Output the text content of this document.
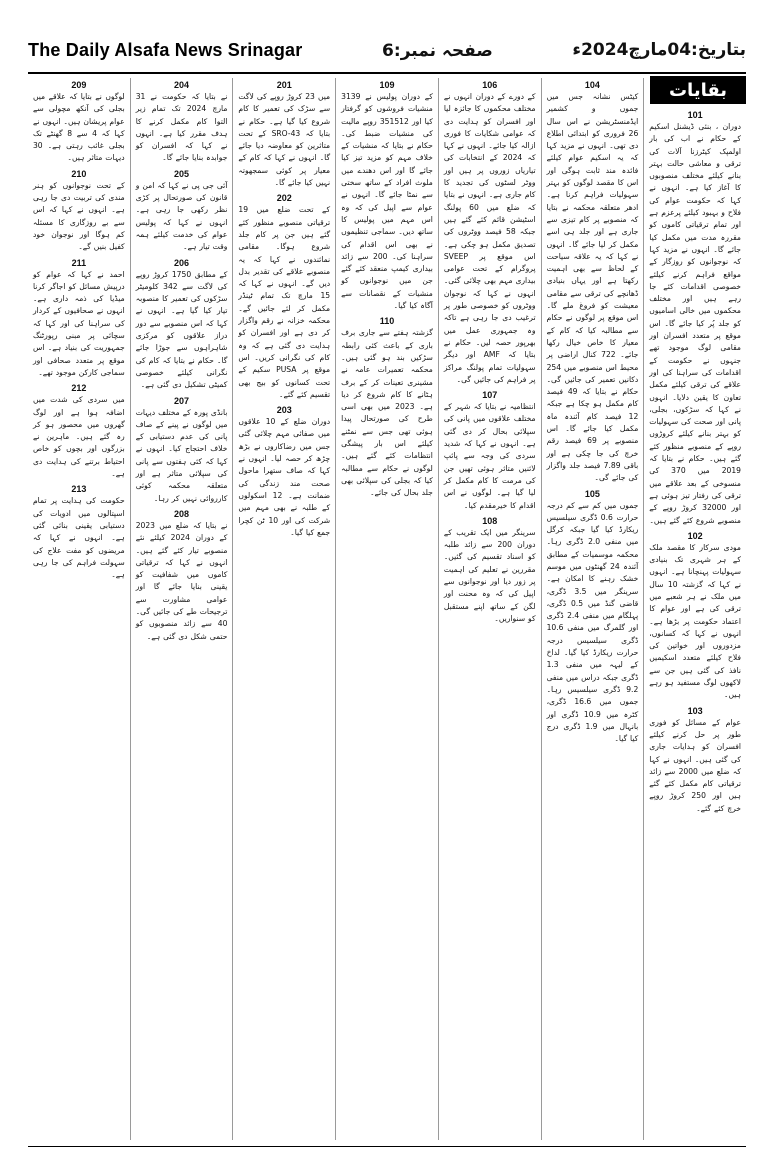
The Daily Alsafa News Srinagar	صفحہ نمبر:6	بتاریخ:04مارچ2024ء
101

دوران ، بنئی ڈیشنل اسکیم کے حکام نے اب کی بار اولمپک کیٹرزنا آلات کی ترقی و معاشی حالت بہتر بنانے کیلئے مختلف منصوبوں کا آغاز کیا ہے۔ انہوں نے کہا کہ حکومت عوام کی فلاح و بہبود کیلئے پرعزم ہے اور تمام ترقیاتی کاموں کو مقررہ مدت میں مکمل کیا جائے گا۔ انہوں نے مزید کہا کہ نوجوانوں کو روزگار کے مواقع فراہم کرنے کیلئے خصوصی اقدامات کئے جا رہے ہیں اور مختلف محکموں میں خالی اسامیوں کو جلد پُر کیا جائے گا۔ اس موقع پر متعدد افسران اور مقامی لوگ موجود تھے جنہوں نے حکومت کے اقدامات کی سراہنا کی اور علاقے کی ترقی کیلئے مکمل تعاون کا یقین دلایا۔ انہوں نے کہا کہ سڑکوں، بجلی، پانی اور صحت کی سہولیات کو بہتر بنانے کیلئے کروڑوں روپے کے منصوبے منظور کئے گئے ہیں۔ حکام نے بتایا کہ 2019 میں 370 کی منسوخی کے بعد علاقے میں ترقی کی رفتار تیز ہوئی ہے اور 32000 کروڑ روپے کے منصوبے شروع کئے گئے ہیں۔

102

مودی سرکار کا مقصد ملک کے ہر شہری تک بنیادی سہولیات پہنچانا ہے۔ انہوں نے کہا کہ گزشتہ 10 سال میں ملک نے ہر شعبے میں ترقی کی ہے اور عوام کا اعتماد حکومت پر بڑھا ہے۔ انہوں نے کہا کہ کسانوں، مزدوروں اور خواتین کی فلاح کیلئے متعدد اسکیمیں نافذ کی گئی ہیں جن سے لاکھوں لوگ مستفید ہو رہے ہیں۔

103

عوام کے مسائل کو فوری طور پر حل کرنے کیلئے افسران کو ہدایات جاری کی گئی ہیں۔ انہوں نے کہا کہ ضلع میں 2000 سے زائد ترقیاتی کام مکمل کئے گئے ہیں اور 250 کروڑ روپے خرچ کئے گئے۔

104

کیٹس نشانہ جس میں جموں و کشمیر ایڈمنسٹریشن نے اس سال 26 فروری کو ابتدائی اطلاع دی تھی۔ انہوں نے مزید کہا کہ یہ اسکیم عوام کیلئے فائدہ مند ثابت ہوگی اور اس کا مقصد لوگوں کو بہتر سہولیات فراہم کرنا ہے۔ ادھر متعلقہ محکمہ نے بتایا کہ منصوبے پر کام تیزی سے جاری ہے اور جلد ہی اسے مکمل کر لیا جائے گا۔ انہوں نے کہا کہ یہ علاقہ سیاحت کے لحاظ سے بھی اہمیت رکھتا ہے اور یہاں بنیادی ڈھانچے کی ترقی سے مقامی معیشت کو فروغ ملے گا۔ اس موقع پر لوگوں نے حکام سے مطالبہ کیا کہ کام کے معیار کا خاص خیال رکھا جائے۔ 722 کنال اراضی پر محیط اس منصوبے میں 254 دکانیں تعمیر کی جائیں گی۔ حکام نے بتایا کہ 49 فیصد کام مکمل ہو چکا ہے جبکہ 12 فیصد کام آئندہ ماہ مکمل کیا جائے گا۔ اس منصوبے پر 69 فیصد رقم خرچ کی جا چکی ہے اور باقی 7.89 فیصد جلد واگزار کی جائے گی۔

105

جموں میں کم سے کم درجہ حرارت 0.6 ڈگری سیلسیس ریکارڈ کیا گیا جبکہ کرگل میں منفی 2.0 ڈگری رہا۔ محکمہ موسمیات کے مطابق آئندہ 24 گھنٹوں میں موسم خشک رہنے کا امکان ہے۔ سرینگر میں 3.5 ڈگری، قاضی گنڈ میں 0.5 ڈگری، پہلگام میں منفی 2.4 ڈگری اور گلمرگ میں منفی 10.6 ڈگری سیلسیس درجہ حرارت ریکارڈ کیا گیا۔ لداخ کے لیہہ میں منفی 1.3 ڈگری جبکہ دراس میں منفی 9.2 ڈگری سیلسیس رہا۔ جموں میں 16.6 ڈگری، کٹرہ میں 10.9 ڈگری اور بانہال میں 1.9 ڈگری درج کیا گیا۔

106

کے دورے کے دوران انہوں نے مختلف محکموں کا جائزہ لیا اور افسران کو ہدایت دی کہ عوامی شکایات کا فوری ازالہ کیا جائے۔ انہوں نے کہا کہ 2024 کے انتخابات کی تیاریاں زوروں پر ہیں اور ووٹر لسٹوں کی تجدید کا کام جاری ہے۔ انہوں نے بتایا کہ ضلع میں 60 پولنگ اسٹیشن قائم کئے گئے ہیں جبکہ 58 فیصد ووٹروں کی تصدیق مکمل ہو چکی ہے۔ اس موقع پر SVEEP پروگرام کے تحت عوامی بیداری مہم بھی چلائی گئی۔ انہوں نے کہا کہ نوجوان ووٹروں کو خصوصی طور پر ترغیب دی جا رہی ہے تاکہ وہ جمہوری عمل میں بھرپور حصہ لیں۔ حکام نے بتایا کہ AMF اور دیگر سہولیات تمام پولنگ مراکز پر فراہم کی جائیں گی۔

107

انتظامیہ نے بتایا کہ شہر کے مختلف علاقوں میں پانی کی سپلائی بحال کر دی گئی ہے۔ انہوں نے کہا کہ شدید سردی کی وجہ سے پائپ لائنیں متاثر ہوئی تھیں جن کی مرمت کا کام مکمل کر لیا گیا ہے۔ لوگوں نے اس اقدام کا خیرمقدم کیا۔

108

سرینگر میں ایک تقریب کے دوران 200 سے زائد طلبہ کو اسناد تقسیم کی گئیں۔ مقررین نے تعلیم کی اہمیت پر زور دیا اور نوجوانوں سے اپیل کی کہ وہ محنت اور لگن کے ساتھ اپنے مستقبل کو سنواریں۔

109

کے دوران پولیس نے 3139 منشیات فروشوں کو گرفتار کیا اور 351512 روپے مالیت کی منشیات ضبط کی۔ حکام نے بتایا کہ منشیات کے خلاف مہم کو مزید تیز کیا جائے گا اور اس دھندے میں ملوث افراد کے ساتھ سختی سے نمٹا جائے گا۔ انہوں نے عوام سے اپیل کی کہ وہ اس مہم میں پولیس کا ساتھ دیں۔ سماجی تنظیموں نے بھی اس اقدام کی سراہنا کی۔ 200 سے زائد بیداری کیمپ منعقد کئے گئے جن میں نوجوانوں کو منشیات کے نقصانات سے آگاہ کیا گیا۔

110

گزشتہ ہفتے سے جاری برف باری کے باعث کئی رابطہ سڑکیں بند ہو گئی ہیں۔ محکمہ تعمیرات عامہ نے مشینری تعینات کر کے برف ہٹانے کا کام شروع کر دیا ہے۔ 2023 میں بھی اسی طرح کی صورتحال پیدا ہوئی تھی جس سے نمٹنے کیلئے اس بار پیشگی انتظامات کئے گئے ہیں۔ لوگوں نے حکام سے مطالبہ کیا کہ بجلی کی سپلائی بھی جلد بحال کی جائے۔

201

میں 23 کروڑ روپے کی لاگت سے سڑک کی تعمیر کا کام شروع کیا گیا ہے۔ حکام نے بتایا کہ SRO-43 کے تحت متاثرین کو معاوضہ دیا جائے گا۔ انہوں نے کہا کہ کام کے معیار پر کوئی سمجھوتہ نہیں کیا جائے گا۔

202

کے تحت ضلع میں 19 ترقیاتی منصوبے منظور کئے گئے ہیں جن پر کام جلد شروع ہوگا۔ مقامی نمائندوں نے کہا کہ یہ منصوبے علاقے کی تقدیر بدل دیں گے۔ انہوں نے کہا کہ 15 مارچ تک تمام ٹینڈر مکمل کر لئے جائیں گے۔ محکمہ خزانہ نے رقم واگزار کر دی ہے اور افسران کو ہدایت دی گئی ہے کہ وہ کام کی نگرانی کریں۔ اس موقع پر PUSA سکیم کے تحت کسانوں کو بیج بھی تقسیم کئے گئے۔

203

دوران ضلع کے 10 علاقوں میں صفائی مہم چلائی گئی جس میں رضاکاروں نے بڑھ چڑھ کر حصہ لیا۔ انہوں نے کہا کہ صاف ستھرا ماحول صحت مند زندگی کی ضمانت ہے۔ 12 اسکولوں کے طلبہ نے بھی مہم میں شرکت کی اور 10 ٹن کچرا جمع کیا گیا۔

204

نے بتایا کہ حکومت نے 31 مارچ 2024 تک تمام زیر التوا کام مکمل کرنے کا ہدف مقرر کیا ہے۔ انہوں نے کہا کہ افسران کو جوابدہ بنایا جائے گا۔

205

آئی جی پی نے کہا کہ امن و قانون کی صورتحال پر کڑی نظر رکھی جا رہی ہے۔ انہوں نے کہا کہ پولیس عوام کی خدمت کیلئے ہمہ وقت تیار ہے۔

206

کے مطابق 1750 کروڑ روپے کی لاگت سے 342 کلومیٹر سڑکوں کی تعمیر کا منصوبہ تیار کیا گیا ہے۔ انہوں نے کہا کہ اس منصوبے سے دور دراز علاقوں کو مرکزی شاہراہوں سے جوڑا جائے گا۔ حکام نے بتایا کہ کام کی نگرانی کیلئے خصوصی کمیٹی تشکیل دی گئی ہے۔

207

بانڈی پورہ کے مختلف دیہات میں لوگوں نے پینے کے صاف پانی کی عدم دستیابی کے خلاف احتجاج کیا۔ انہوں نے کہا کہ کئی ہفتوں سے پانی کی سپلائی متاثر ہے اور متعلقہ محکمہ کوئی کارروائی نہیں کر رہا۔

208

نے بتایا کہ ضلع میں 2023 کے دوران 2024 کیلئے نئے منصوبے تیار کئے گئے ہیں۔ انہوں نے کہا کہ ترقیاتی کاموں میں شفافیت کو یقینی بنایا جائے گا اور عوامی مشاورت سے ترجیحات طے کی جائیں گی۔ 40 سے زائد منصوبوں کو حتمی شکل دی گئی ہے۔

209

لوگوں نے بتایا کہ علاقے میں بجلی کی آنکھ مچولی سے عوام پریشان ہیں۔ انہوں نے کہا کہ 4 سے 8 گھنٹے تک بجلی غائب رہتی ہے۔ 30 دیہات متاثر ہیں۔

210

کے تحت نوجوانوں کو ہنر مندی کی تربیت دی جا رہی ہے۔ انہوں نے کہا کہ اس سے بے روزگاری کا مسئلہ کم ہوگا اور نوجوان خود کفیل بنیں گے۔

211

احمد نے کہا کہ عوام کو درپیش مسائل کو اجاگر کرنا میڈیا کی ذمہ داری ہے۔ انہوں نے صحافیوں کے کردار کی سراہنا کی اور کہا کہ سچائی پر مبنی رپورٹنگ جمہوریت کی بنیاد ہے۔ اس موقع پر متعدد صحافی اور سماجی کارکن موجود تھے۔

212

میں سردی کی شدت میں اضافہ ہوا ہے اور لوگ گھروں میں محصور ہو کر رہ گئے ہیں۔ ماہرین نے بزرگوں اور بچوں کو خاص احتیاط برتنے کی ہدایت دی ہے۔

213

حکومت کی ہدایت پر تمام اسپتالوں میں ادویات کی دستیابی یقینی بنائی گئی ہے۔ انہوں نے کہا کہ مریضوں کو مفت علاج کی سہولت فراہم کی جا رہی ہے۔

بقایات
